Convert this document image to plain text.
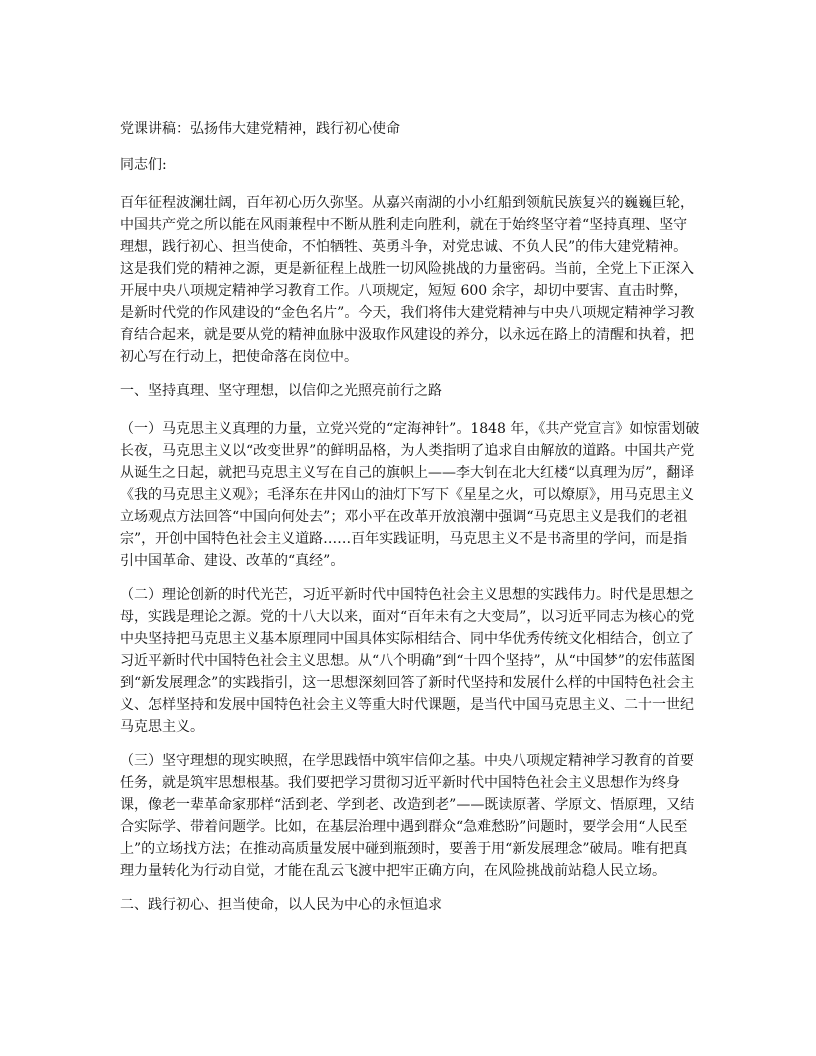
党课讲稿：弘扬伟大建党精神，践行初心使命

同志们:

百年征程波澜壮阔，百年初心历久弥坚。从嘉兴南湖的小小红船到领航民族复兴的巍巍巨轮，中国共产党之所以能在风雨兼程中不断从胜利走向胜利，就在于始终坚守着“坚持真理、坚守理想，践行初心、担当使命，不怕牺牲、英勇斗争，对党忠诚、不负人民”的伟大建党精神。这是我们党的精神之源，更是新征程上战胜一切风险挑战的力量密码。当前，全党上下正深入开展中央八项规定精神学习教育工作。八项规定，短短 600 余字，却切中要害、直击时弊，是新时代党的作风建设的“金色名片”。今天，我们将伟大建党精神与中央八项规定精神学习教育结合起来，就是要从党的精神血脉中汲取作风建设的养分，以永远在路上的清醒和执着，把初心写在行动上，把使命落在岗位中。

一、坚持真理、坚守理想，以信仰之光照亮前行之路

（一）马克思主义真理的力量，立党兴党的“定海神针”。1848 年，《共产党宣言》如惊雷划破长夜，马克思主义以“改变世界”的鲜明品格，为人类指明了追求自由解放的道路。中国共产党从诞生之日起，就把马克思主义写在自己的旗帜上——李大钊在北大红楼“以真理为厉”，翻译《我的马克思主义观》；毛泽东在井冈山的油灯下写下《星星之火，可以燎原》，用马克思主义立场观点方法回答“中国向何处去”；邓小平在改革开放浪潮中强调“马克思主义是我们的老祖宗”，开创中国特色社会主义道路……百年实践证明，马克思主义不是书斋里的学问，而是指引中国革命、建设、改革的“真经”。

（二）理论创新的时代光芒，习近平新时代中国特色社会主义思想的实践伟力。时代是思想之母，实践是理论之源。党的十八大以来，面对“百年未有之大变局”，以习近平同志为核心的党中央坚持把马克思主义基本原理同中国具体实际相结合、同中华优秀传统文化相结合，创立了习近平新时代中国特色社会主义思想。从“八个明确”到“十四个坚持”，从“中国梦”的宏伟蓝图到“新发展理念”的实践指引，这一思想深刻回答了新时代坚持和发展什么样的中国特色社会主义、怎样坚持和发展中国特色社会主义等重大时代课题，是当代中国马克思主义、二十一世纪马克思主义。

（三）坚守理想的现实映照，在学思践悟中筑牢信仰之基。中央八项规定精神学习教育的首要任务，就是筑牢思想根基。我们要把学习贯彻习近平新时代中国特色社会主义思想作为终身课，像老一辈革命家那样“活到老、学到老、改造到老”——既读原著、学原文、悟原理，又结合实际学、带着问题学。比如，在基层治理中遇到群众“急难愁盼”问题时，要学会用“人民至上”的立场找方法；在推动高质量发展中碰到瓶颈时，要善于用“新发展理念”破局。唯有把真理力量转化为行动自觉，才能在乱云飞渡中把牢正确方向，在风险挑战前站稳人民立场。

二、践行初心、担当使命，以人民为中心的永恒追求
